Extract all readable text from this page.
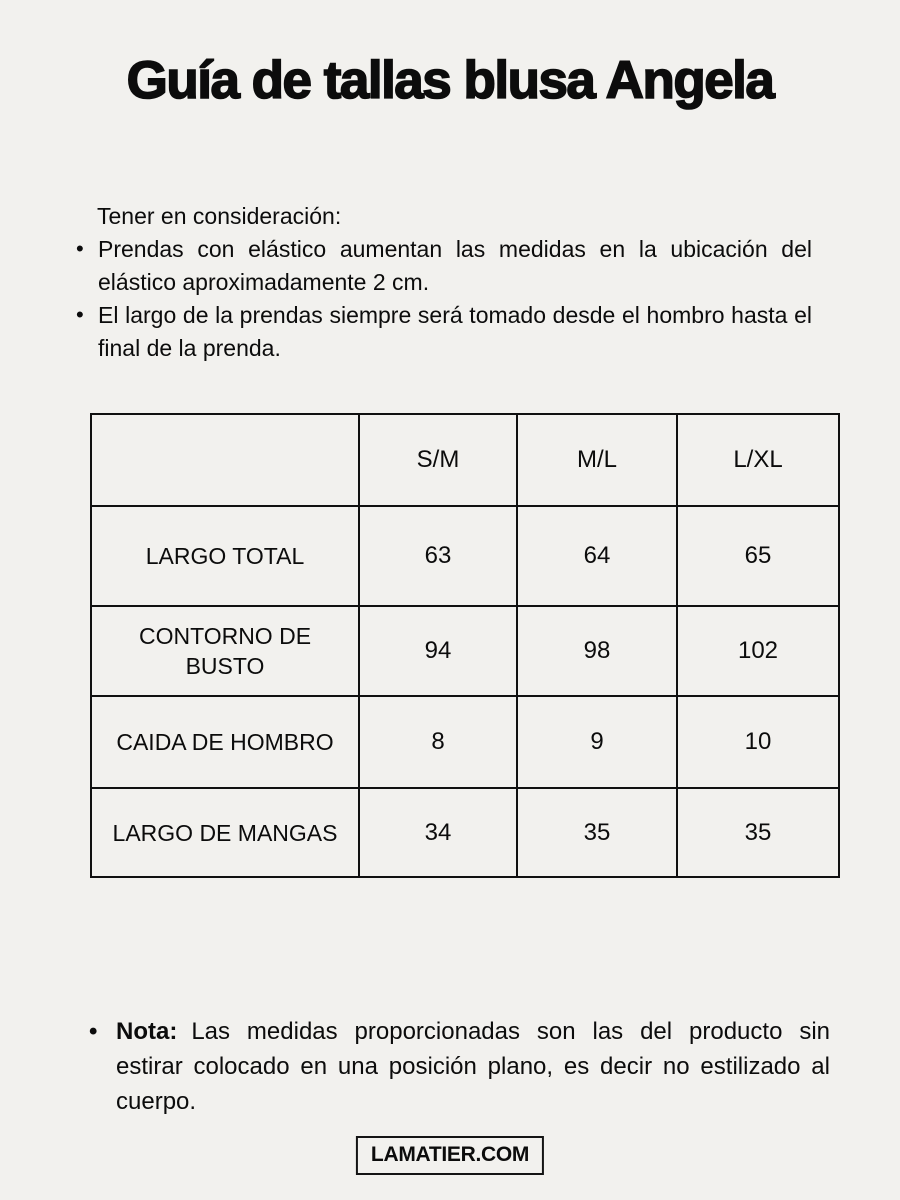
Guía de tallas blusa Angela

Tener en consideración:

• Prendas con elástico aumentan las medidas en la ubicación del elástico aproximadamente 2 cm.
• El largo de la prendas siempre será tomado desde el hombro hasta el final de la prenda.
	S/M	M/L	L/XL
LARGO TOTAL	63	64	65
CONTORNO DE BUSTO	94	98	102
CAIDA DE HOMBRO	8	9	10
LARGO DE MANGAS	34	35	35
• Nota: Las medidas proporcionadas son las del producto sin estirar colocado en una posición plano, es decir no estilizado al cuerpo.
LAMATIER.COM
